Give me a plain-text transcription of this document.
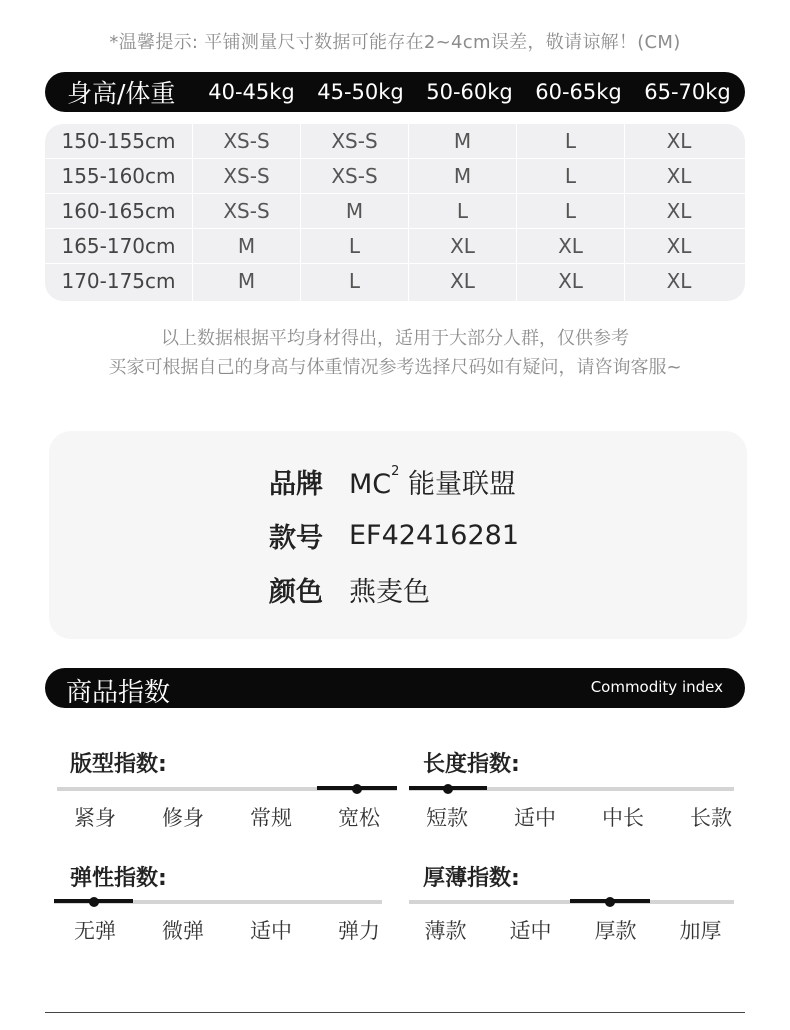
*温馨提示: 平铺测量尺寸数据可能存在2~4cm误差，敬请谅解！(CM)
身高/体重	40-45kg	45-50kg	50-60kg	60-65kg	65-70kg
150-155cm	XS-S	XS-S	M	L	XL
155-160cm	XS-S	XS-S	M	L	XL
160-165cm	XS-S	M	L	L	XL
165-170cm	M	L	XL	XL	XL
170-175cm	M	L	XL	XL	XL
以上数据根据平均身材得出，适用于大部分人群，仅供参考
买家可根据自己的身高与体重情况参考选择尺码如有疑问，请咨询客服~
品牌 $MC^2$ 能量联盟
款号 EF42416281
颜色 燕麦色
商品指数	Commodity index
版型指数:
紧身	修身	常规	宽松
长度指数:
短款	适中	中长	长款
弹性指数:
无弹	微弹	适中	弹力
厚薄指数:
薄款	适中	厚款	加厚
